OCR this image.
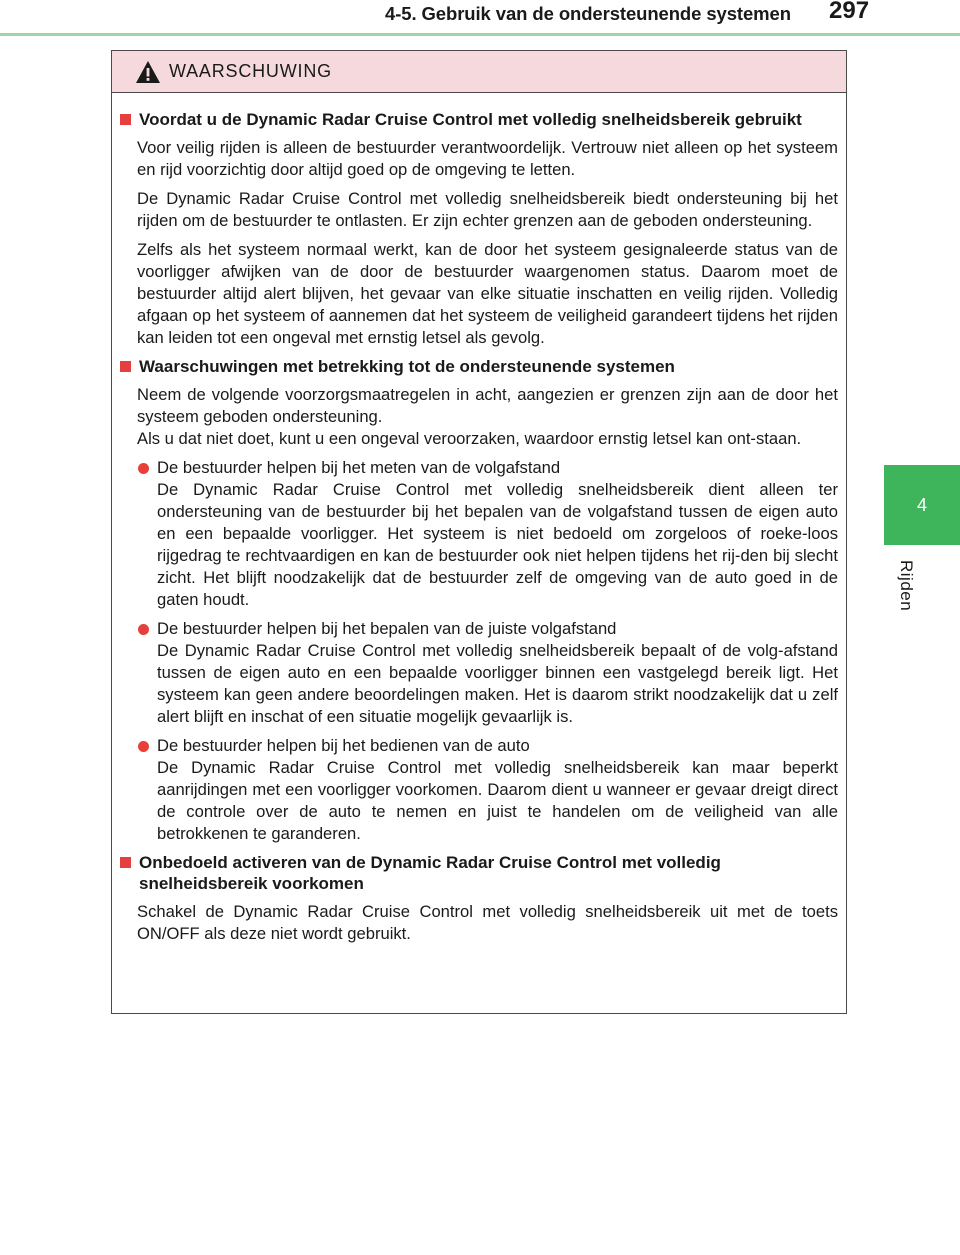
4-5. Gebruik van de ondersteunende systemen 297
4
Rijden
WAARSCHUWING
Voordat u de Dynamic Radar Cruise Control met volledig snelheidsbereik gebruikt
Voor veilig rijden is alleen de bestuurder verantwoordelijk. Vertrouw niet alleen op het systeem en rijd voorzichtig door altijd goed op de omgeving te letten.
De Dynamic Radar Cruise Control met volledig snelheidsbereik biedt ondersteuning bij het rijden om de bestuurder te ontlasten. Er zijn echter grenzen aan de geboden ondersteuning.
Zelfs als het systeem normaal werkt, kan de door het systeem gesignaleerde status van de voorligger afwijken van de door de bestuurder waargenomen status. Daarom moet de bestuurder altijd alert blijven, het gevaar van elke situatie inschatten en veilig rijden. Volledig afgaan op het systeem of aannemen dat het systeem de veiligheid garandeert tijdens het rijden kan leiden tot een ongeval met ernstig letsel als gevolg.
Waarschuwingen met betrekking tot de ondersteunende systemen
Neem de volgende voorzorgsmaatregelen in acht, aangezien er grenzen zijn aan de door het systeem geboden ondersteuning.
Als u dat niet doet, kunt u een ongeval veroorzaken, waardoor ernstig letsel kan ont-staan.
De bestuurder helpen bij het meten van de volgafstand
De Dynamic Radar Cruise Control met volledig snelheidsbereik dient alleen ter ondersteuning van de bestuurder bij het bepalen van de volgafstand tussen de eigen auto en een bepaalde voorligger. Het systeem is niet bedoeld om zorgeloos of roeke-loos rijgedrag te rechtvaardigen en kan de bestuurder ook niet helpen tijdens het rij-den bij slecht zicht. Het blijft noodzakelijk dat de bestuurder zelf de omgeving van de auto goed in de gaten houdt.
De bestuurder helpen bij het bepalen van de juiste volgafstand
De Dynamic Radar Cruise Control met volledig snelheidsbereik bepaalt of de volg-afstand tussen de eigen auto en een bepaalde voorligger binnen een vastgelegd bereik ligt. Het systeem kan geen andere beoordelingen maken. Het is daarom strikt noodzakelijk dat u zelf alert blijft en inschat of een situatie mogelijk gevaarlijk is.
De bestuurder helpen bij het bedienen van de auto
De Dynamic Radar Cruise Control met volledig snelheidsbereik kan maar beperkt aanrijdingen met een voorligger voorkomen. Daarom dient u wanneer er gevaar dreigt direct de controle over de auto te nemen en juist te handelen om de veiligheid van alle betrokkenen te garanderen.
Onbedoeld activeren van de Dynamic Radar Cruise Control met volledig snelheidsbereik voorkomen
Schakel de Dynamic Radar Cruise Control met volledig snelheidsbereik uit met de toets ON/OFF als deze niet wordt gebruikt.
